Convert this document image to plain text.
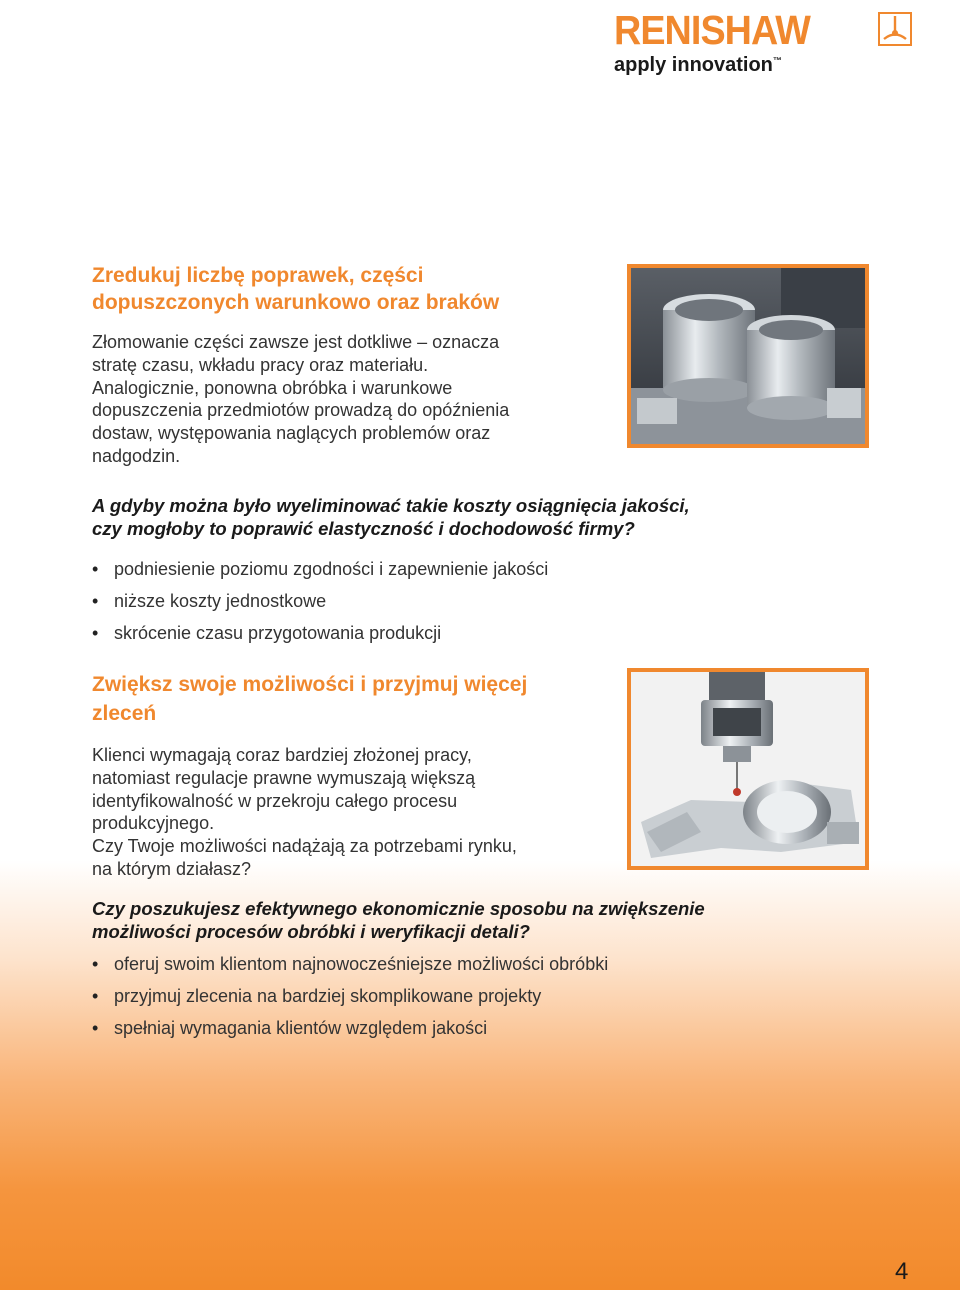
RENISHAW
apply innovation™
Zredukuj liczbę poprawek, części
dopuszczonych warunkowo oraz braków

Złomowanie części zawsze jest dotkliwe – oznacza
stratę czasu, wkładu pracy oraz materiału.
Analogicznie, ponowna obróbka i warunkowe
dopuszczenia przedmiotów prowadzą do opóźnienia
dostaw, występowania naglących problemów oraz
nadgodzin.

A gdyby można było wyeliminować takie koszty osiągnięcia jakości,
czy mogłoby to poprawić elastyczność i dochodowość firmy?

• podniesienie poziomu zgodności i zapewnienie jakości
• niższe koszty jednostkowe
• skrócenie czasu przygotowania produkcji
Zwiększ swoje możliwości i przyjmuj więcej
zleceń

Klienci wymagają coraz bardziej złożonej pracy,
natomiast regulacje prawne wymuszają większą
identyfikowalność w przekroju całego procesu
produkcyjnego.
Czy Twoje możliwości nadążają za potrzebami rynku,
na którym działasz?

Czy poszukujesz efektywnego ekonomicznie sposobu na zwiększenie
możliwości procesów obróbki i weryfikacji detali?

• oferuj swoim klientom najnowocześniejsze możliwości obróbki
• przyjmuj zlecenia na bardziej skomplikowane projekty
• spełniaj wymagania klientów względem jakości
4
